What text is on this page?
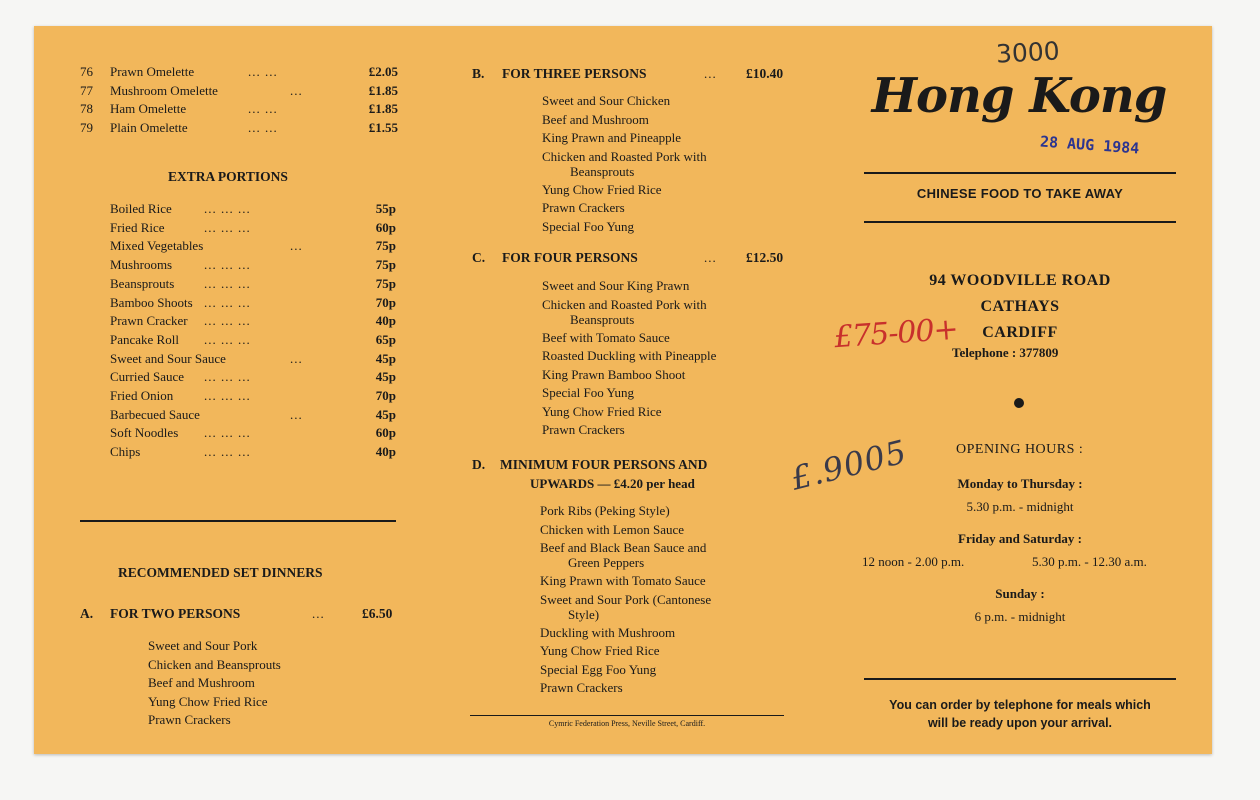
76	Prawn Omelette	... ...	£2.05
77	Mushroom Omelette	...	£1.85
78	Ham Omelette	... ...	£1.85
79	Plain Omelette	... ...	£1.55
EXTRA PORTIONS
Boiled Rice ... ... ...	55p
Fried Rice	... ... ...	60p
Mixed Vegetables	...	75p
Mushrooms ... ... ...	75p
Beansprouts ... ... ...	75p
Bamboo Shoots ... ... ...	70p
Prawn Cracker ... ... ...	40p
Pancake Roll ... ... ...	65p
Sweet and Sour Sauce	...	45p
Curried Sauce ... ... ...	45p
Fried Onion ... ... ...	70p
Barbecued Sauce	...	45p
Soft Noodles ... ... ...	60p
Chips	... ... ...	40p
RECOMMENDED SET DINNERS
A. FOR TWO PERSONS	...	£6.50
Sweet and Sour Pork
Chicken and Beansprouts
Beef and Mushroom
Yung Chow Fried Rice
Prawn Crackers
B. FOR THREE PERSONS	... £10.40
Sweet and Sour Chicken
Beef and Mushroom
King Prawn and Pineapple
Chicken and Roasted Pork with
Beansprouts
Yung Chow Fried Rice
Prawn Crackers
Special Foo Yung
C. FOR FOUR PERSONS	... £12.50
Sweet and Sour King Prawn
Chicken and Roasted Pork with
Beansprouts
Beef with Tomato Sauce
Roasted Duckling with Pineapple
King Prawn Bamboo Shoot
Special Foo Yung
Yung Chow Fried Rice
Prawn Crackers
D. MINIMUM FOUR PERSONS AND
UPWARDS — £4.20 per head
Pork Ribs (Peking Style)
Chicken with Lemon Sauce
Beef and Black Bean Sauce and
Green Peppers
King Prawn with Tomato Sauce
Sweet and Sour Pork (Cantonese
Style)
Duckling with Mushroom
Yung Chow Fried Rice
Special Egg Foo Yung
Prawn Crackers
Cymric Federation Press, Neville Street, Cardiff.
Hong Kong
CHINESE FOOD TO TAKE AWAY
94 WOODVILLE ROAD
CATHAYS
CARDIFF
Telephone : 377809
OPENING HOURS :
Monday to Thursday :
5.30 p.m. - midnight
Friday and Saturday :
12 noon - 2.00 p.m.	5.30 p.m. - 12.30 a.m.
Sunday :
6 p.m. - midnight
You can order by telephone for meals which
will be ready upon your arrival.
3000
28 AUG 1984
£75-00+
£.9005
